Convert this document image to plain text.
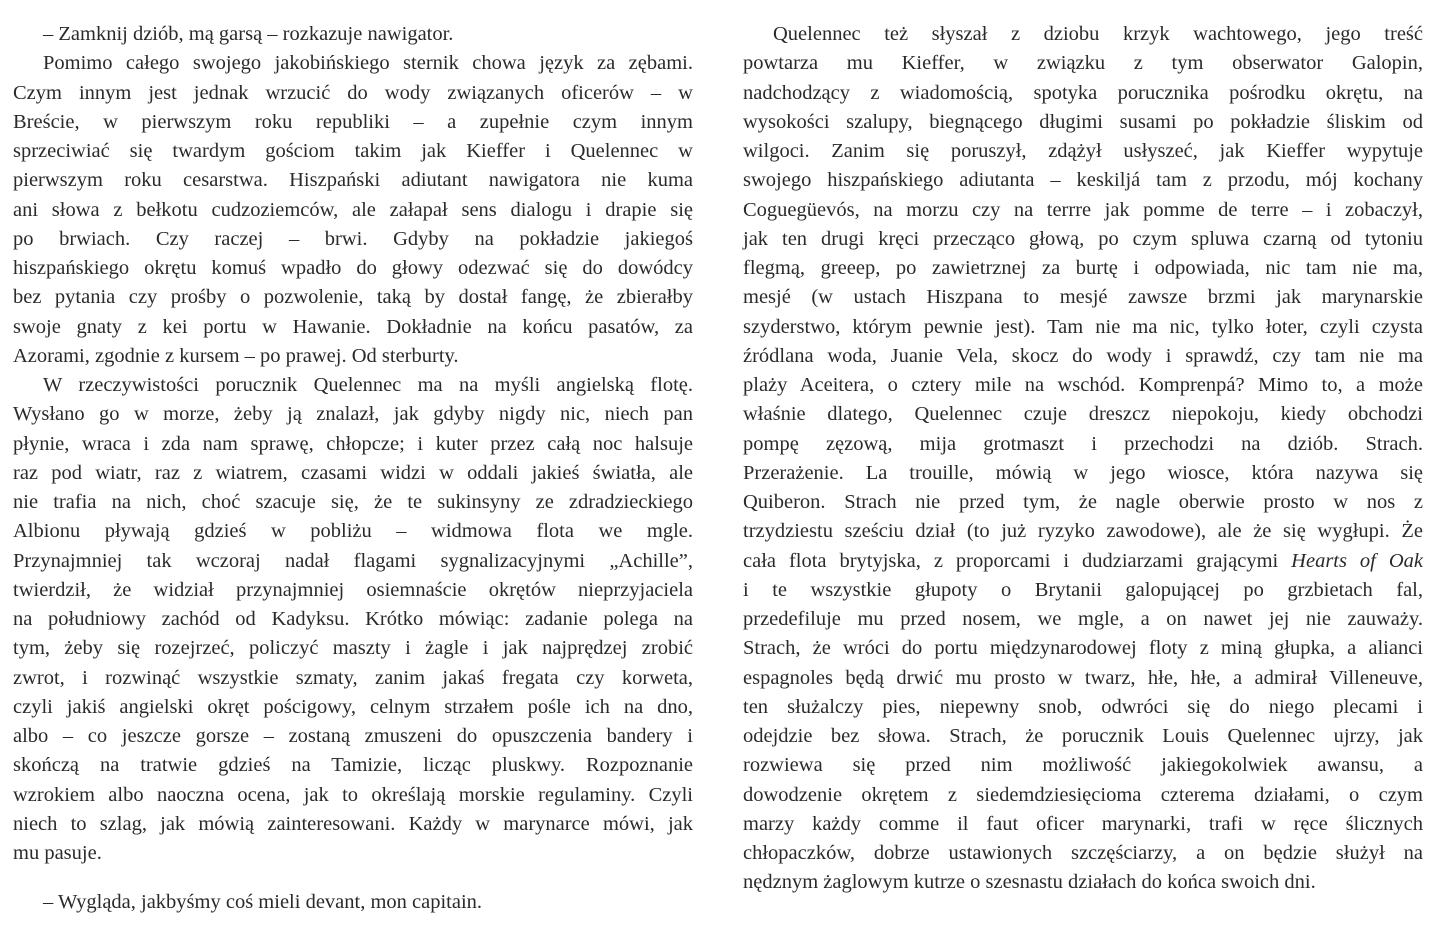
– Zamknij dziób, mą garsą – rozkazuje nawigator.
Pomimo całego swojego jakobińskiego sternik chowa język za zębami.
Czym innym jest jednak wrzucić do wody związanych oficerów – w
Breście, w pierwszym roku republiki – a zupełnie czym innym
sprzeciwiać się twardym gościom takim jak Kieffer i Quelennec w
pierwszym roku cesarstwa. Hiszpański adiutant nawigatora nie kuma
ani słowa z bełkotu cudzoziemców, ale załapał sens dialogu i drapie się
po brwiach. Czy raczej – brwi. Gdyby na pokładzie jakiegoś
hiszpańskiego okrętu komuś wpadło do głowy odezwać się do dowódcy
bez pytania czy prośby o pozwolenie, taką by dostał fangę, że zbierałby
swoje gnaty z kei portu w Hawanie. Dokładnie na końcu pasatów, za
Azorami, zgodnie z kursem – po prawej. Od sterburty.
W rzeczywistości porucznik Quelennec ma na myśli angielską flotę.
Wysłano go w morze, żeby ją znalazł, jak gdyby nigdy nic, niech pan
płynie, wraca i zda nam sprawę, chłopcze; i kuter przez całą noc halsuje
raz pod wiatr, raz z wiatrem, czasami widzi w oddali jakieś światła, ale
nie trafia na nich, choć szacuje się, że te sukinsyny ze zdradzieckiego
Albionu pływają gdzieś w pobliżu – widmowa flota we mgle.
Przynajmniej tak wczoraj nadał flagami sygnalizacyjnymi „Achille”,
twierdził, że widział przynajmniej osiemnaście okrętów nieprzyjaciela
na południowy zachód od Kadyksu. Krótko mówiąc: zadanie polega na
tym, żeby się rozejrzeć, policzyć maszty i żagle i jak najprędzej zrobić
zwrot, i rozwinąć wszystkie szmaty, zanim jakaś fregata czy korweta,
czyli jakiś angielski okręt pościgowy, celnym strzałem pośle ich na dno,
albo – co jeszcze gorsze – zostaną zmuszeni do opuszczenia bandery i
skończą na tratwie gdzieś na Tamizie, licząc pluskwy. Rozpoznanie
wzrokiem albo naoczna ocena, jak to określają morskie regulaminy. Czyli
niech to szlag, jak mówią zainteresowani. Każdy w marynarce mówi, jak
mu pasuje.
– Wygląda, jakbyśmy coś mieli devant, mon capitain.
Quelennec też słyszał z dziobu krzyk wachtowego, jego treść
powtarza mu Kieffer, w związku z tym obserwator Galopin,
nadchodzący z wiadomością, spotyka porucznika pośrodku okrętu, na
wysokości szalupy, biegnącego długimi susami po pokładzie śliskim od
wilgoci. Zanim się poruszył, zdążył usłyszeć, jak Kieffer wypytuje
swojego hiszpańskiego adiutanta – keskiljá tam z przodu, mój kochany
Coguegüevós, na morzu czy na terrre jak pomme de terre – i zobaczył,
jak ten drugi kręci przecząco głową, po czym spluwa czarną od tytoniu
flegmą, greeep, po zawietrznej za burtę i odpowiada, nic tam nie ma,
mesjé (w ustach Hiszpana to mesjé zawsze brzmi jak marynarskie
szyderstwo, którym pewnie jest). Tam nie ma nic, tylko łoter, czyli czysta
źródlana woda, Juanie Vela, skocz do wody i sprawdź, czy tam nie ma
plaży Aceitera, o cztery mile na wschód. Komprenpá? Mimo to, a może
właśnie dlatego, Quelennec czuje dreszcz niepokoju, kiedy obchodzi
pompę zęzową, mija grotmaszt i przechodzi na dziób. Strach.
Przerażenie. La trouille, mówią w jego wiosce, która nazywa się
Quiberon. Strach nie przed tym, że nagle oberwie prosto w nos z
trzydziestu sześciu dział (to już ryzyko zawodowe), ale że się wygłupi. Że
cała flota brytyjska, z proporcami i dudziarzami grającymi Hearts of Oak
i te wszystkie głupoty o Brytanii galopującej po grzbietach fal,
przedefiluje mu przed nosem, we mgle, a on nawet jej nie zauważy.
Strach, że wróci do portu międzynarodowej floty z miną głupka, a alianci
espagnoles będą drwić mu prosto w twarz, hłe, hłe, a admirał Villeneuve,
ten służalczy pies, niepewny snob, odwróci się do niego plecami i
odejdzie bez słowa. Strach, że porucznik Louis Quelennec ujrzy, jak
rozwiewa się przed nim możliwość jakiegokolwiek awansu, a
dowodzenie okrętem z siedemdziesięcioma czterema działami, o czym
marzy każdy comme il faut oficer marynarki, trafi w ręce ślicznych
chłopaczków, dobrze ustawionych szczęściarzy, a on będzie służył na
nędznym żaglowym kutrze o szesnastu działach do końca swoich dni.
